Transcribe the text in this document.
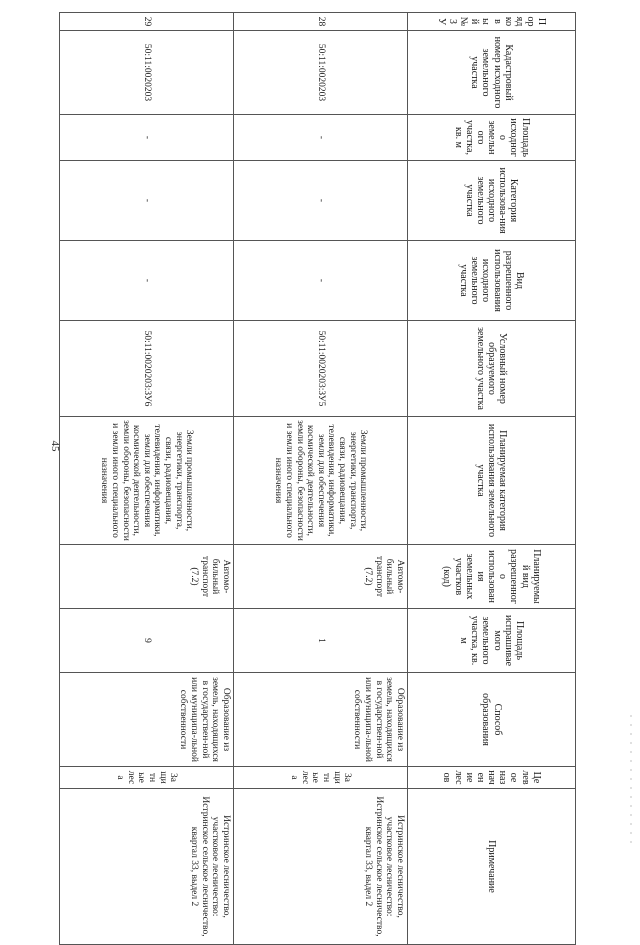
45
Порядковый № ЗУ	Кадастровый номер исходного земельного участка	Площадь исходного земельного участка, кв. м	Категория использова-ния исходного земельного участка	Вид разрешенного использования исходного земельного участка	Условный номер образуемого земельного участка	Планируемая категория использования земельного участка	Планируемый вид разрешенного использования земельных участков (код)	Площадь испрашиваемого земельного участка, кв. м	Способ образования	Целевое назначение лесов	Примечание
28	50:11:0020203	-	-	-	50:11:0020203:ЗУ5	Земли промышленности, энергетики, транспорта, связи, радиовещания, телевидения, информатики, земли для обеспечения космической деятельности, земли обороны, безопасности и земли иного специального назначения	Автомо-бильный транспорт (7.2)	1	Образование из земель, находящихся в государствен-ной или муниципа-льной собственности	Защитные леса	Истринское лесничество, участковое лесничество: Истринское сельское лесничество, квартал 33, выдел 2
29	50:11:0020203	-	-	-	50:11:0020203:ЗУ6	Земли промышленности, энергетики, транспорта, связи, радиовещания, телевидения, информатики, земли для обеспечения космической деятельности, земли обороны, безопасности и земли иного специального назначения	Автомо-бильный транспорт (7.2)	9	Образование из земель, находящихся в государствен-ной или муниципа-льной собственности	Защитные леса	Истринское лесничество, участковое лесничество: Истринское сельское лесничество, квартал 33, выдел 2
